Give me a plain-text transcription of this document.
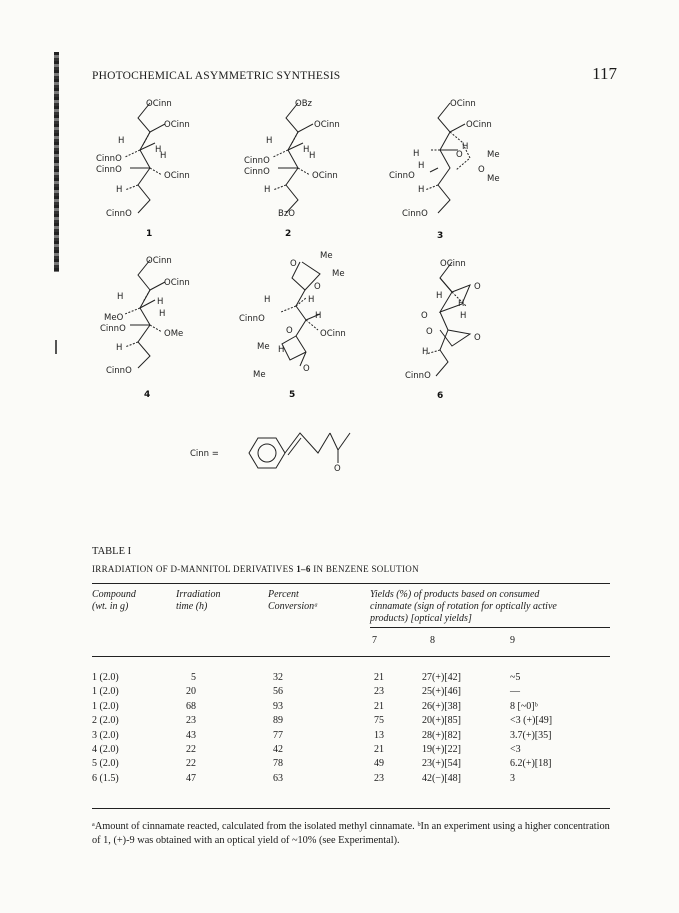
PHOTOCHEMICAL ASYMMETRIC SYNTHESIS	117
OCinn
OCinn
H
H
H
CinnO
CinnO
OCinn
H
CinnO
1
OBz
OCinn
H
H
H
CinnO
CinnO	OCinn
H
BzO
2
OCinn
OCinn
H
H	O	Me
H	O
CinnO	Me
H
CinnO
3
OCinn
OCinn
H	H
H
MeO
CinnO	OMe
H
CinnO
4
Me
O
Me
O
H	H
H
CinnO
O	OCinn
Me H
Me
O
5
OCinn
O
H
H
H
O
O
O
H
CinnO
6
Cinn =
O
TABLE I
IRRADIATION OF D-MANNITOL DERIVATIVES 1–6 IN BENZENE SOLUTION
Compound
(wt. in g)
Irradiation
time (h)
Percent
Conversionᵃ
Yields (%) of products based on consumed
cinnamate (sign of rotation for optically active
products) [optical yields]
7	8	9
1 (2.0)	5	32	21	27(+)[42]	~5
1 (2.0)	20	56	23	25(+)[46]	—
1 (2.0)	68	93	21	26(+)[38]	8 [~0]ᵇ
2 (2.0)	23	89	75	20(+)[85]	<3 (+)[49]
3 (2.0)	43	77	13	28(+)[82]	3.7(+)[35]
4 (2.0)	22	42	21	19(+)[22]	<3
5 (2.0)	22	78	49	23(+)[54]	6.2(+)[18]
6 (1.5)	47	63	23	42(−)[48]	3
ᵃAmount of cinnamate reacted, calculated from the isolated methyl cinnamate. ᵇIn an experiment using a higher concentration of 1, (+)-9 was obtained with an optical yield of ~10% (see Experimental).
